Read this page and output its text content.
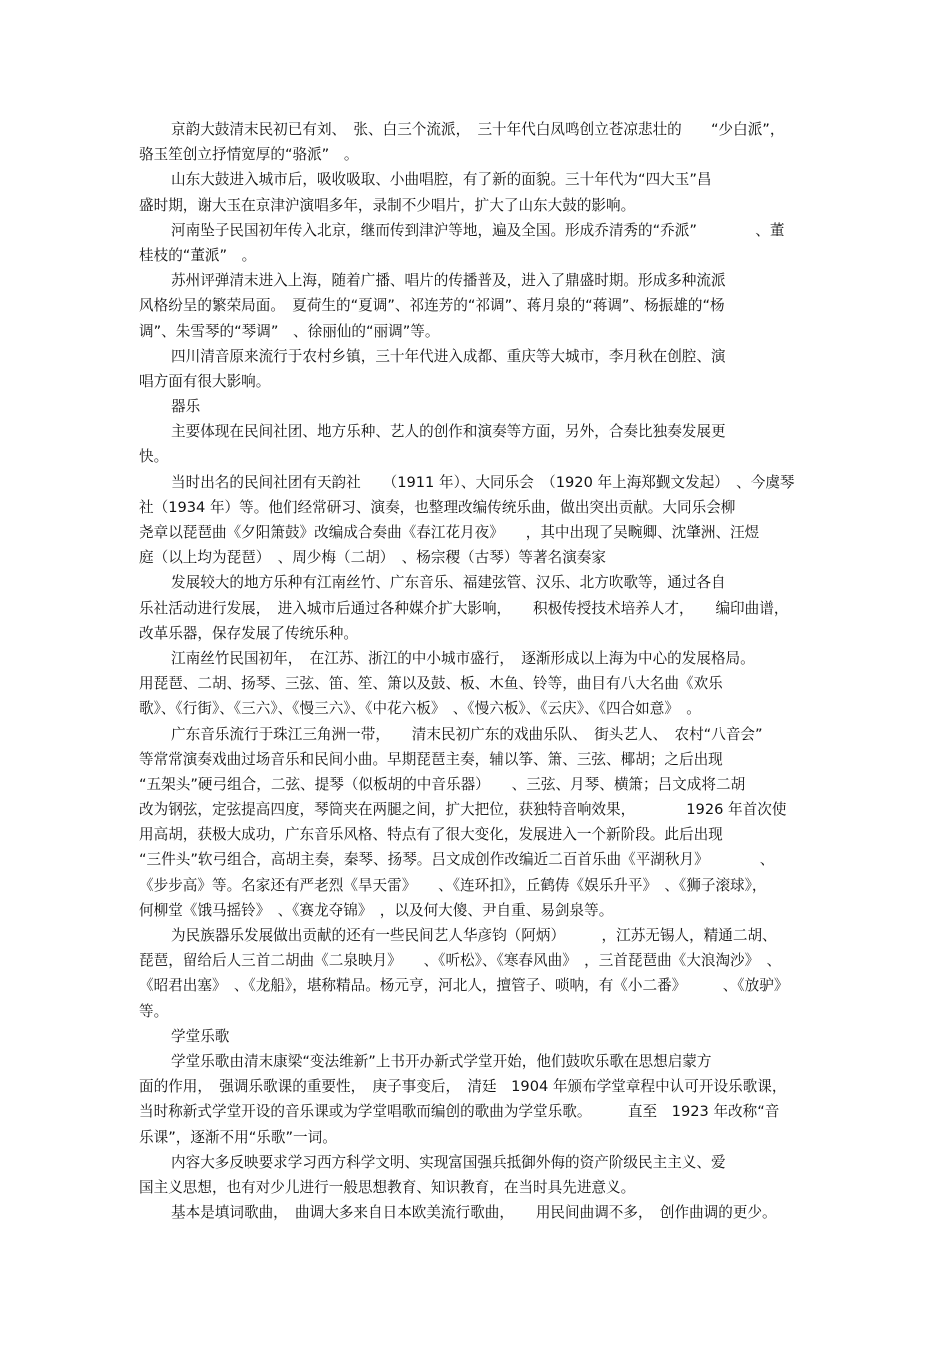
京韵大鼓清末民初已有刘、　张、白三个流派，　三十年代白凤鸣创立苍凉悲壮的　　“少白派”，
骆玉笙创立抒情宽厚的“骆派”　。
山东大鼓进入城市后，吸收吸取、小曲唱腔，有了新的面貌。三十年代为“四大玉”昌
盛时期，谢大玉在京津沪演唱多年，录制不少唱片，扩大了山东大鼓的影响。
河南坠子民国初年传入北京，继而传到津沪等地，遍及全国。形成乔清秀的“乔派”　　　　、董
桂枝的“董派”　。
苏州评弹清末进入上海，随着广播、唱片的传播普及，进入了鼎盛时期。形成多种流派
风格纷呈的繁荣局面。　夏荷生的“夏调”、祁连芳的“祁调”、蒋月泉的“蒋调”、杨振雄的“杨
调”、朱雪琴的“琴调”　、徐丽仙的“丽调”等。
四川清音原来流行于农村乡镇，三十年代进入成都、重庆等大城市，李月秋在创腔、演
唱方面有很大影响。
器乐
主要体现在民间社团、地方乐种、艺人的创作和演奏等方面，另外，合奏比独奏发展更
快。
当时出名的民间社团有天韵社　　（1911 年）、大同乐会　（1920 年上海郑觐文发起）　、今虞琴
社（1934 年）等。他们经常研习、演奏，也整理改编传统乐曲，做出突出贡献。大同乐会柳
尧章以琵琶曲《夕阳箫鼓》改编成合奏曲《春江花月夜》　　，其中出现了吴畹卿、沈肇洲、汪煜
庭（以上均为琵琶）　、周少梅（二胡）　、杨宗稷（古琴）等著名演奏家
发展较大的地方乐种有江南丝竹、广东音乐、福建弦管、汉乐、北方吹歌等，通过各自
乐社活动进行发展，　进入城市后通过各种媒介扩大影响，　　积极传授技术培养人才，　　编印曲谱，
改革乐器，保存发展了传统乐种。
江南丝竹民国初年，　在江苏、浙江的中小城市盛行，　逐渐形成以上海为中心的发展格局。
用琵琶、二胡、扬琴、三弦、笛、笙、箫以及鼓、板、木鱼、铃等，曲目有八大名曲《欢乐
歌》、《行街》、《三六》、《慢三六》、《中花六板》　、《慢六板》、《云庆》、《四合如意》　。
广东音乐流行于珠江三角洲一带，　　清末民初广东的戏曲乐队、　街头艺人、　农村“八音会”
等常常演奏戏曲过场音乐和民间小曲。早期琵琶主奏，辅以筝、箫、三弦、椰胡；之后出现
“五架头”硬弓组合，二弦、提琴（似板胡的中音乐器）　　、三弦、月琴、横箫；吕文成将二胡
改为钢弦，定弦提高四度，琴筒夹在两腿之间，扩大把位，获独特音响效果，　　　　1926 年首次使
用高胡，获极大成功，广东音乐风格、特点有了很大变化，发展进入一个新阶段。此后出现
“三件头”软弓组合，高胡主奏，秦琴、扬琴。吕文成创作改编近二百首乐曲《平湖秋月》　　　　、
《步步高》等。名家还有严老烈《旱天雷》　　、《连环扣》，丘鹤俦《娱乐升平》　、《狮子滚球》，
何柳堂《饿马摇铃》　、《赛龙夺锦》　，以及何大傻、尹自重、易剑泉等。
为民族器乐发展做出贡献的还有一些民间艺人华彦钧（阿炳）　　　，江苏无锡人，精通二胡、
琵琶，留给后人三首二胡曲《二泉映月》　　、《听松》、《寒春风曲》　，三首琵琶曲《大浪淘沙》　、
《昭君出塞》　、《龙船》，堪称精品。杨元亨，河北人，擅管子、唢呐，有《小二番》　　　、《放驴》
等。
学堂乐歌
学堂乐歌由清末康梁“变法维新”上书开办新式学堂开始，他们鼓吹乐歌在思想启蒙方
面的作用，　强调乐歌课的重要性，　庚子事变后，　清廷　1904 年颁布学堂章程中认可开设乐歌课，
当时称新式学堂开设的音乐课或为学堂唱歌而编创的歌曲为学堂乐歌。　　　直至　1923 年改称“音
乐课”，逐渐不用“乐歌”一词。
内容大多反映要求学习西方科学文明、实现富国强兵抵御外侮的资产阶级民主主义、爱
国主义思想，也有对少儿进行一般思想教育、知识教育，在当时具先进意义。
基本是填词歌曲，　曲调大多来自日本欧美流行歌曲，　　用民间曲调不多，　创作曲调的更少。
